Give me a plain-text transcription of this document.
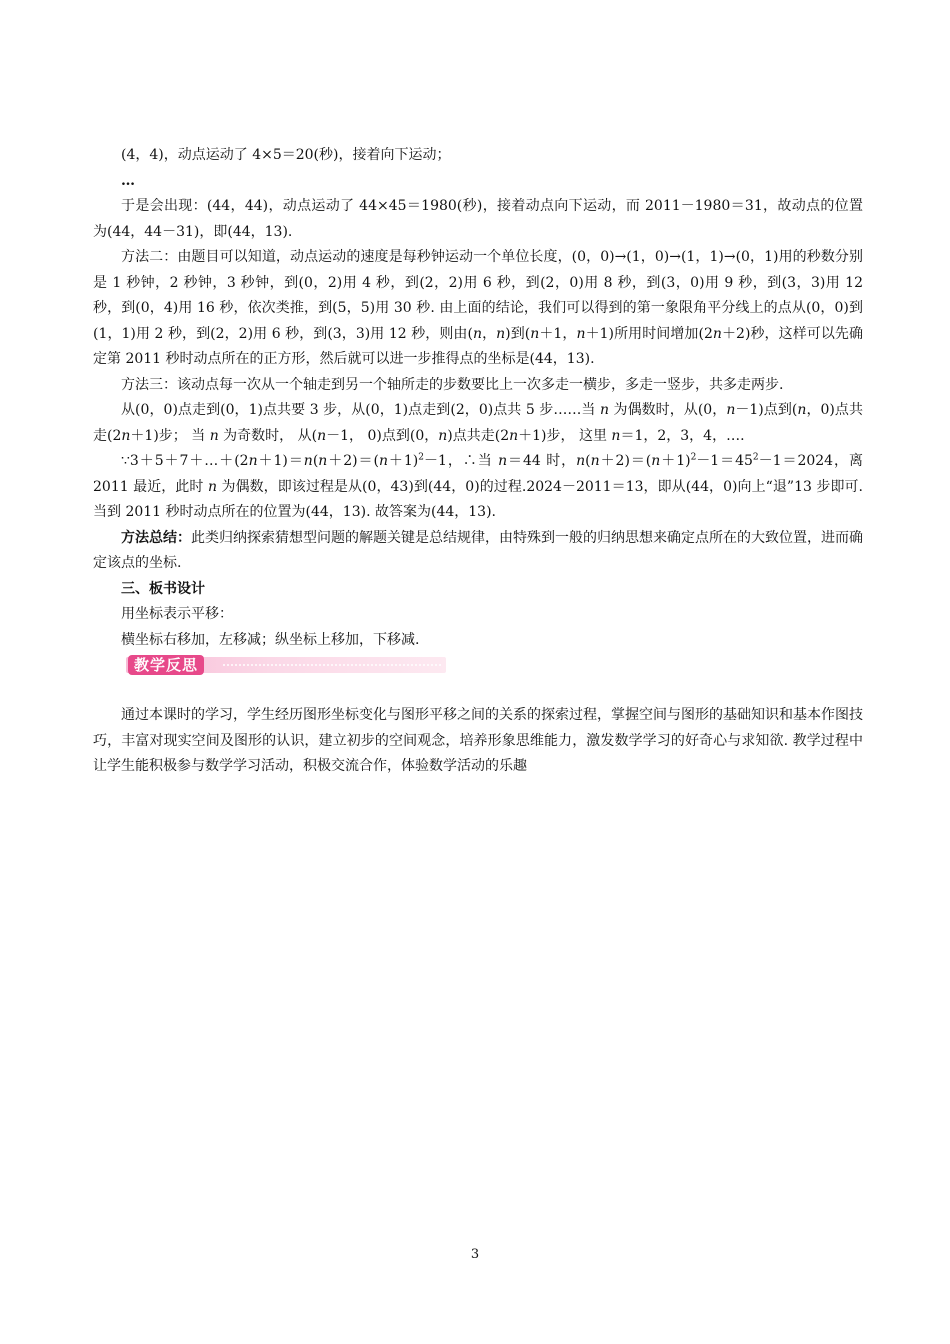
(4，4)，动点运动了 4×5＝20(秒)，接着向下运动；

…

于是会出现：(44，44)，动点运动了 44×45＝1980(秒)，接着动点向下运动，而 2011－1980＝31，故动点的位置为(44，44－31)，即(44，13).

方法二：由题目可以知道，动点运动的速度是每秒钟运动一个单位长度，(0，0)→(1，0)→(1，1)→(0，1)用的秒数分别是 1 秒钟，2 秒钟，3 秒钟，到(0，2)用 4 秒，到(2，2)用 6 秒，到(2，0)用 8 秒，到(3，0)用 9 秒，到(3，3)用 12 秒，到(0，4)用 16 秒，依次类推，到(5，5)用 30 秒. 由上面的结论，我们可以得到的第一象限角平分线上的点从(0，0)到(1，1)用 2 秒，到(2，2)用 6 秒，到(3，3)用 12 秒，则由(n，n)到(n＋1，n＋1)所用时间增加(2n＋2)秒，这样可以先确定第 2011 秒时动点所在的正方形，然后就可以进一步推得点的坐标是(44，13).

方法三：该动点每一次从一个轴走到另一个轴所走的步数要比上一次多走一横步，多走一竖步，共多走两步.

从(0，0)点走到(0，1)点共要 3 步，从(0，1)点走到(2，0)点共 5 步……当 n 为偶数时，从(0，n－1)点到(n，0)点共走(2n＋1)步； 当 n 为奇数时， 从(n－1， 0)点到(0，n)点共走(2n＋1)步， 这里 n＝1，2，3，4，….

$\because 3+5+7+\dots+(2n+1)=n(n+2)=(n+1)^2-1$，∴当 n＝44 时，$n(n+2)=(n+1)^2-1=45^2-1=2024$，离 2011 最近，此时 n 为偶数，即该过程是从(0，43)到(44，0)的过程.2024－2011＝13，即从(44，0)向上“退”13 步即可. 当到 2011 秒时动点所在的位置为(44，13). 故答案为(44，13).

方法总结：此类归纳探索猜想型问题的解题关键是总结规律，由特殊到一般的归纳思想来确定点所在的大致位置，进而确定该点的坐标.

三、板书设计

用坐标表示平移：

横坐标右移加，左移减；纵坐标上移加，下移减.

教学反思

通过本课时的学习，学生经历图形坐标变化与图形平移之间的关系的探索过程，掌握空间与图形的基础知识和基本作图技巧，丰富对现实空间及图形的认识，建立初步的空间观念，培养形象思维能力，激发数学学习的好奇心与求知欲. 教学过程中让学生能积极参与数学学习活动，积极交流合作，体验数学活动的乐趣

3
